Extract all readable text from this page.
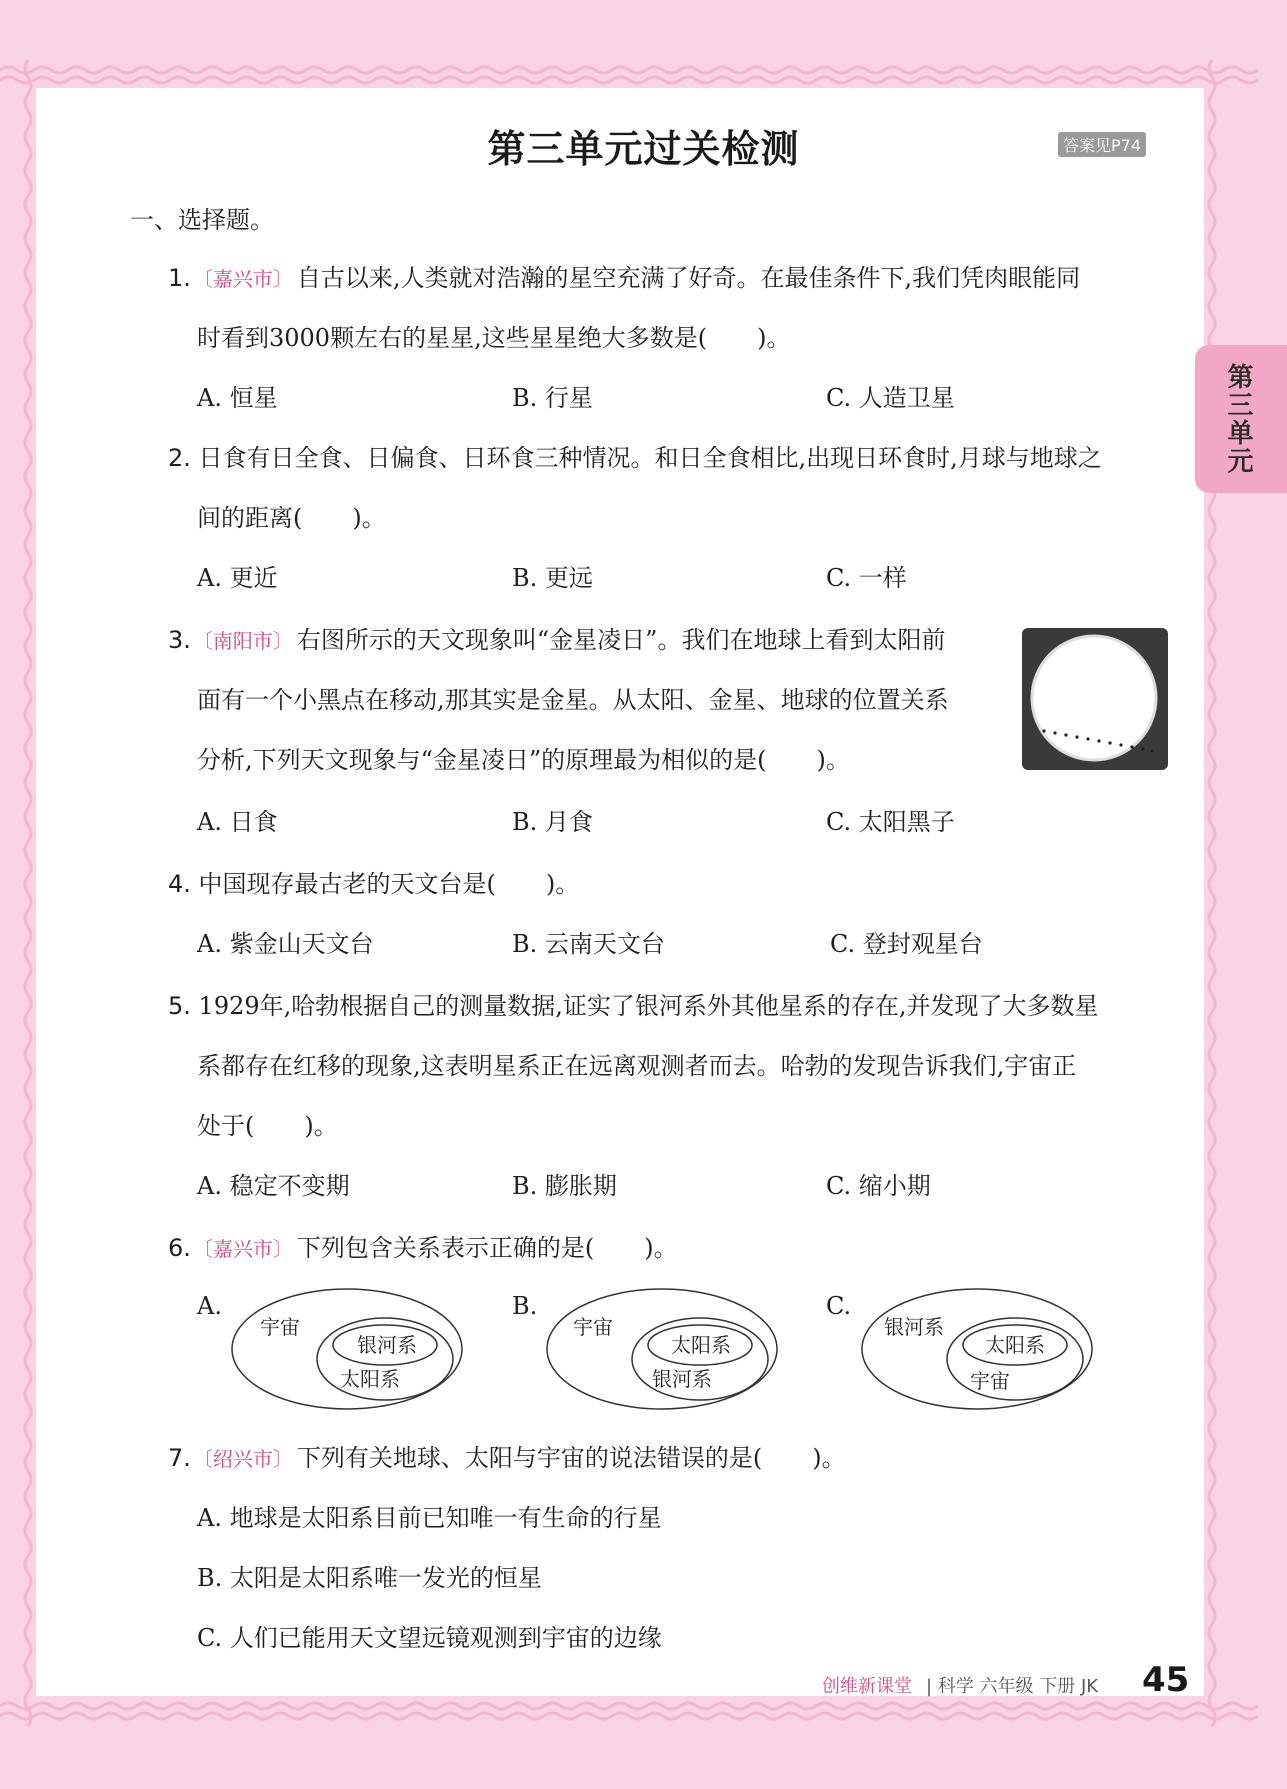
第三单元过关检测	答案见P74
第三单元
一、选择题。
1. 〔嘉兴市〕 自古以来,人类就对浩瀚的星空充满了好奇。在最佳条件下,我们凭肉眼能同
时看到3000颗左右的星星,这些星星绝大多数是( )。
A. 恒星	B. 行星	C. 人造卫星
2. 日食有日全食、日偏食、日环食三种情况。和日全食相比,出现日环食时,月球与地球之
间的距离( )。
A. 更近	B. 更远	C. 一样
3. 〔南阳市〕 右图所示的天文现象叫“金星凌日”。我们在地球上看到太阳前
面有一个小黑点在移动,那其实是金星。从太阳、金星、地球的位置关系
分析,下列天文现象与“金星凌日”的原理最为相似的是( )。
A. 日食	B. 月食	C. 太阳黑子
4. 中国现存最古老的天文台是( )。
A. 紫金山天文台	B. 云南天文台	C. 登封观星台
5. 1929年,哈勃根据自己的测量数据,证实了银河系外其他星系的存在,并发现了大多数星
系都存在红移的现象,这表明星系正在远离观测者而去。哈勃的发现告诉我们,宇宙正
处于( )。
A. 稳定不变期	B. 膨胀期	C. 缩小期
6. 〔嘉兴市〕 下列包含关系表示正确的是( )。
A.	B.	C.
宇宙
太阳系
银河系
宇宙
银河系
太阳系
银河系
宇宙
太阳系
7. 〔绍兴市〕 下列有关地球、太阳与宇宙的说法错误的是( )。
A. 地球是太阳系目前已知唯一有生命的行星
B. 太阳是太阳系唯一发光的恒星
C. 人们已能用天文望远镜观测到宇宙的边缘
创维新课堂 | 科学 六年级 下册 JK 45
